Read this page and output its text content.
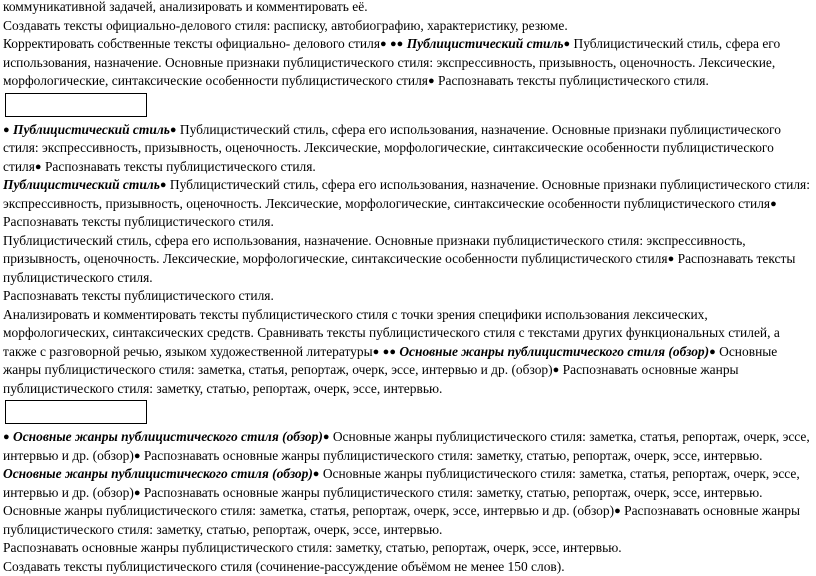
коммуникативной задачей, анализировать и комментировать её.

Создавать тексты официально-делового стиля: расписку, автобиографию, характеристику, резюме.

Корректировать собственные тексты официально- делового стиля● ●● Публицистический стиль● Публицистический стиль, сфера его использования, назначение. Основные признаки публицистического стиля: экспрессивность, призывность, оценочность. Лексические, морфологические, синтаксические особенности публицистического стиля● Распознавать тексты публицистического стиля.

● Публицистический стиль● Публицистический стиль, сфера его использования, назначение. Основные признаки публицистического стиля: экспрессивность, призывность, оценочность. Лексические, морфологические, синтаксические особенности публицистического стиля● Распознавать тексты публицистического стиля.

Публицистический стиль● Публицистический стиль, сфера его использования, назначение. Основные признаки публицистического стиля: экспрессивность, призывность, оценочность. Лексические, морфологические, синтаксические особенности публицистического стиля● Распознавать тексты публицистического стиля.

Публицистический стиль, сфера его использования, назначение. Основные признаки публицистического стиля: экспрессивность, призывность, оценочность. Лексические, морфологические, синтаксические особенности публицистического стиля● Распознавать тексты публицистического стиля.

Распознавать тексты публицистического стиля.

Анализировать и комментировать тексты публицистического стиля с точки зрения специфики использования лексических, морфологических, синтаксических средств. Сравнивать тексты публицистического стиля с текстами других функциональных стилей, а также с разговорной речью, языком художественной литературы● ●● Основные жанры публицистического стиля (обзор)● Основные жанры публицистического стиля: заметка, статья, репортаж, очерк, эссе, интервью и др. (обзор)● Распознавать основные жанры публицистического стиля: заметку, статью, репортаж, очерк, эссе, интервью.

● Основные жанры публицистического стиля (обзор)● Основные жанры публицистического стиля: заметка, статья, репортаж, очерк, эссе, интервью и др. (обзор)● Распознавать основные жанры публицистического стиля: заметку, статью, репортаж, очерк, эссе, интервью.

Основные жанры публицистического стиля (обзор)● Основные жанры публицистического стиля: заметка, статья, репортаж, очерк, эссе, интервью и др. (обзор)● Распознавать основные жанры публицистического стиля: заметку, статью, репортаж, очерк, эссе, интервью.

Основные жанры публицистического стиля: заметка, статья, репортаж, очерк, эссе, интервью и др. (обзор)● Распознавать основные жанры публицистического стиля: заметку, статью, репортаж, очерк, эссе, интервью.

Распознавать основные жанры публицистического стиля: заметку, статью, репортаж, очерк, эссе, интервью.

Создавать тексты публицистического стиля (сочинение-рассуждение объёмом не менее 150 слов).
